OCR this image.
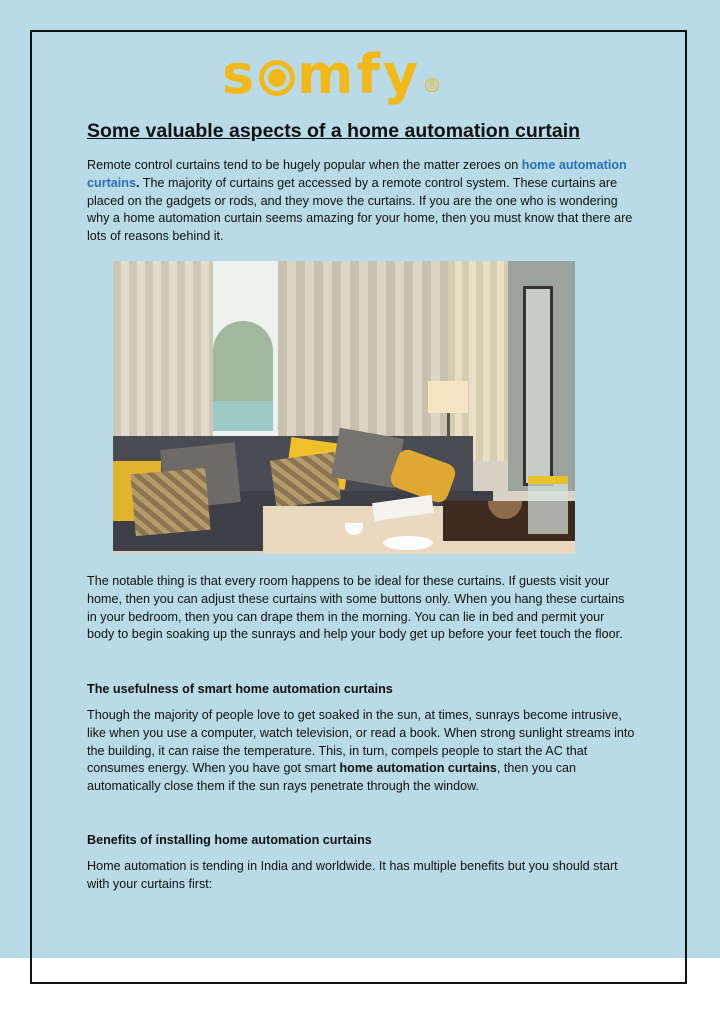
s m f y ®
Some valuable aspects of a home automation curtain

Remote control curtains tend to be hugely popular when the matter zeroes on home automation curtains. The majority of curtains get accessed by a remote control system. These curtains are placed on the gadgets or rods, and they move the curtains. If you are the one who is wondering why a home automation curtain seems amazing for your home, then you must know that there are lots of reasons behind it.

The notable thing is that every room happens to be ideal for these curtains. If guests visit your home, then you can adjust these curtains with some buttons only. When you hang these curtains in your bedroom, then you can drape them in the morning. You can lie in bed and permit your body to begin soaking up the sunrays and help your body get up before your feet touch the floor.

The usefulness of smart home automation curtains

Though the majority of people love to get soaked in the sun, at times, sunrays become intrusive, like when you use a computer, watch television, or read a book. When strong sunlight streams into the building, it can raise the temperature. This, in turn, compels people to start the AC that consumes energy. When you have got smart home automation curtains, then you can automatically close them if the sun rays penetrate through the window.

Benefits of installing home automation curtains

Home automation is tending in India and worldwide. It has multiple benefits but you should start with your curtains first:
